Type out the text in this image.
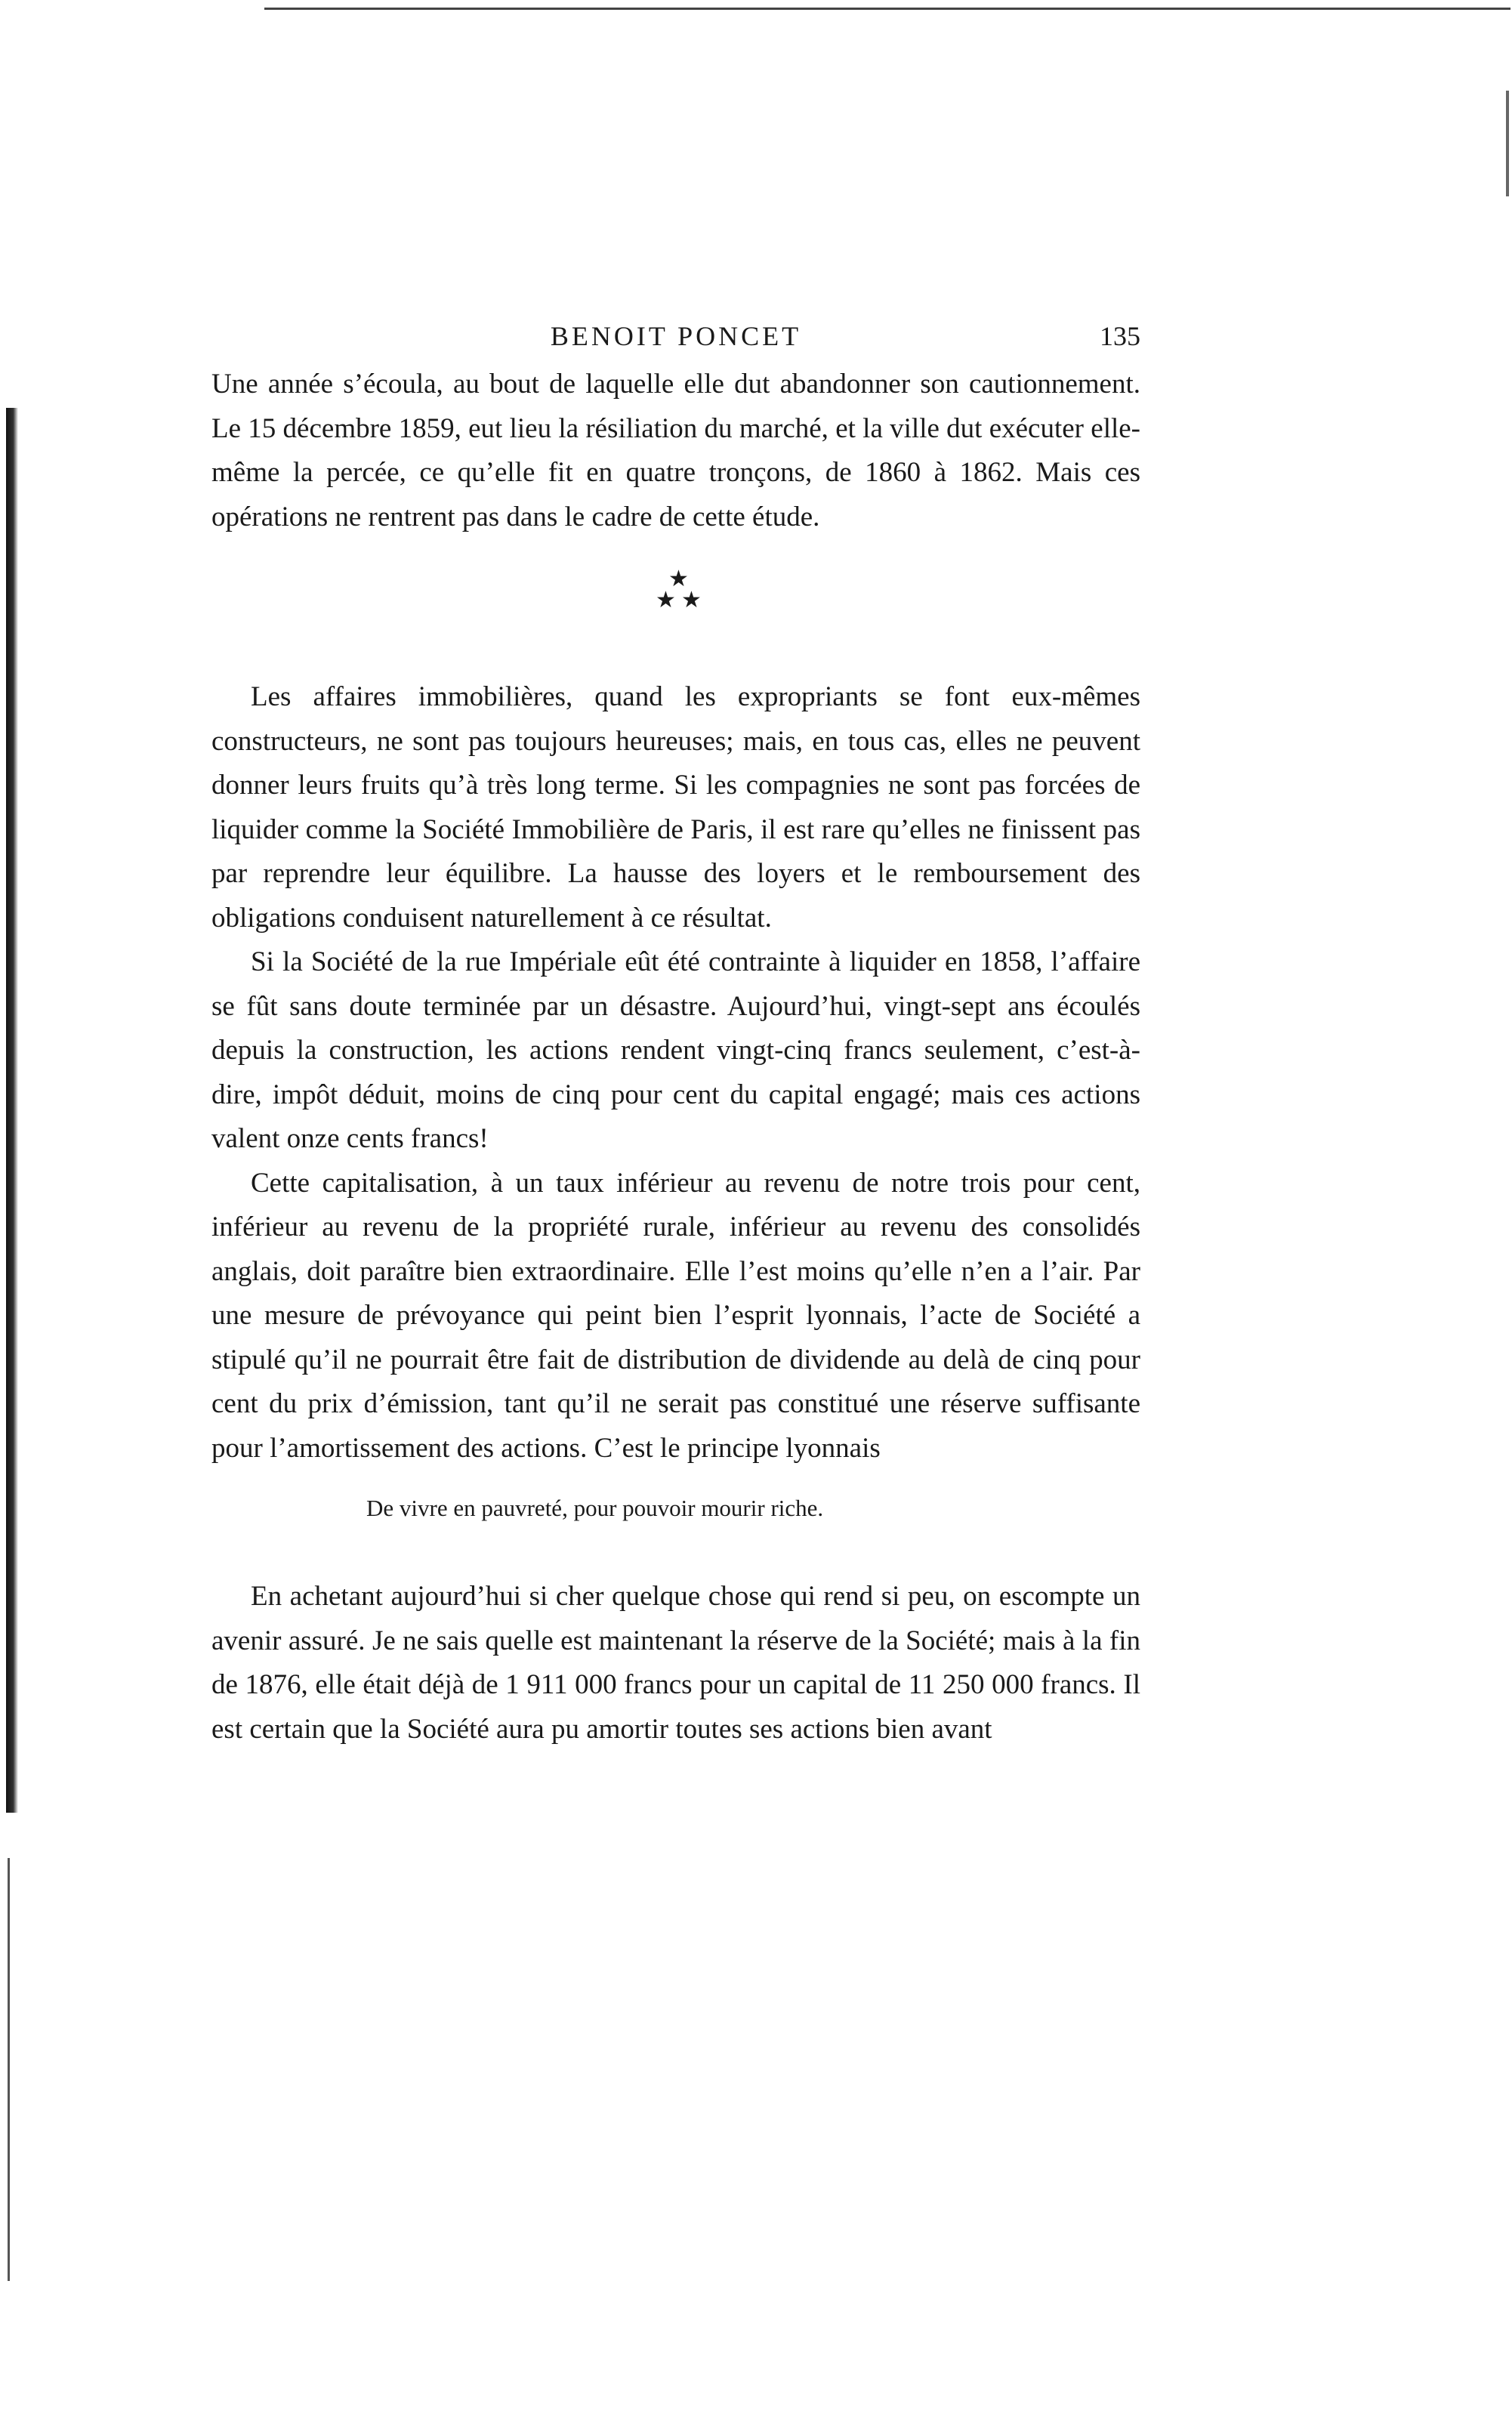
BENOIT PONCET	135

Une année s’écoula, au bout de laquelle elle dut abandonner son cautionnement. Le 15 décembre 1859, eut lieu la résiliation du marché, et la ville dut exécuter elle-même la percée, ce qu’elle fit en quatre tronçons, de 1860 à 1862. Mais ces opérations ne rentrent pas dans le cadre de cette étude.

★
★ ★

Les affaires immobilières, quand les expropriants se font eux-mêmes constructeurs, ne sont pas toujours heureuses; mais, en tous cas, elles ne peuvent donner leurs fruits qu’à très long terme. Si les compagnies ne sont pas forcées de liquider comme la Société Immobilière de Paris, il est rare qu’elles ne finissent pas par reprendre leur équilibre. La hausse des loyers et le remboursement des obligations conduisent naturellement à ce résultat.

Si la Société de la rue Impériale eût été contrainte à liquider en 1858, l’affaire se fût sans doute terminée par un désastre. Aujourd’hui, vingt-sept ans écoulés depuis la construction, les actions rendent vingt-cinq francs seulement, c’est-à-dire, impôt déduit, moins de cinq pour cent du capital engagé; mais ces actions valent onze cents francs!

Cette capitalisation, à un taux inférieur au revenu de notre trois pour cent, inférieur au revenu de la propriété rurale, inférieur au revenu des consolidés anglais, doit paraître bien extraordinaire. Elle l’est moins qu’elle n’en a l’air. Par une mesure de prévoyance qui peint bien l’esprit lyonnais, l’acte de Société a stipulé qu’il ne pourrait être fait de distribution de dividende au delà de cinq pour cent du prix d’émission, tant qu’il ne serait pas constitué une réserve suffisante pour l’amortissement des actions. C’est le principe lyonnais

De vivre en pauvreté, pour pouvoir mourir riche.

En achetant aujourd’hui si cher quelque chose qui rend si peu, on escompte un avenir assuré. Je ne sais quelle est maintenant la réserve de la Société; mais à la fin de 1876, elle était déjà de 1 911 000 francs pour un capital de 11 250 000 francs. Il est certain que la Société aura pu amortir toutes ses actions bien avant
